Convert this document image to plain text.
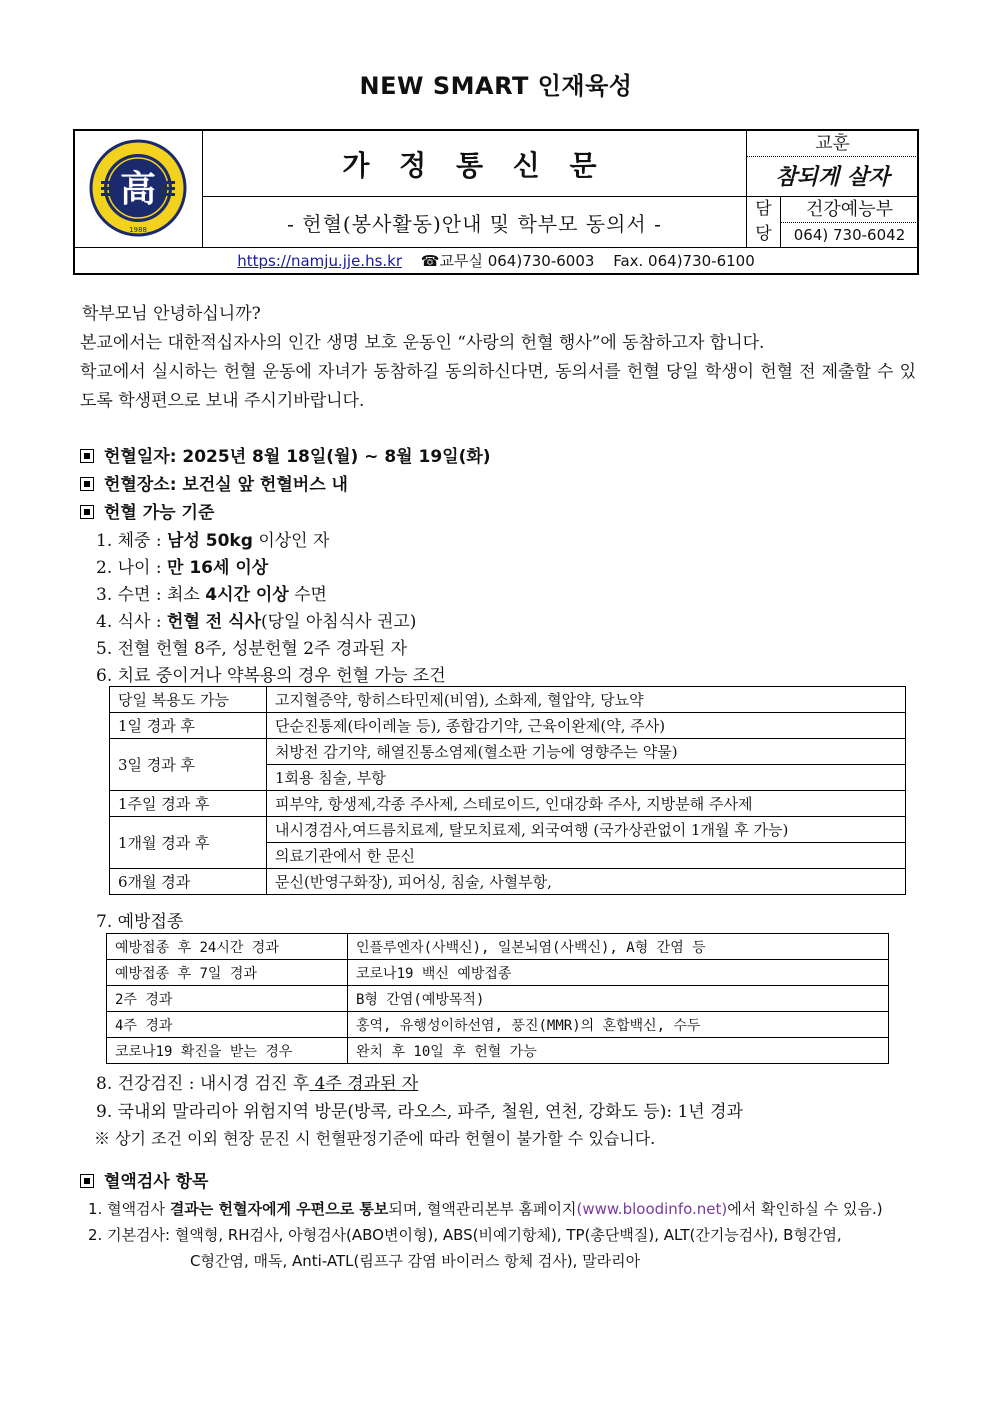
NEW SMART 인재육성
高
1988
가 정 통 신 문
- 헌혈(봉사활동)안내 및 학부모 동의서 -
교훈
참되게 살자
담
당
건강예능부
064) 730-6042
https://namju.jje.hs.kr ☎교무실 064)730-6003 Fax. 064)730-6100

학부모님 안녕하십니까?

본교에서는 대한적십자사의 인간 생명 보호 운동인 “사랑의 헌혈 행사”에 동참하고자 합니다.

학교에서 실시하는 헌혈 운동에 자녀가 동참하길 동의하신다면, 동의서를 헌혈 당일 학생이 헌혈 전 제출할 수 있도록 학생편으로 보내 주시기바랍니다.

헌혈일자: 2025년 8월 18일(월) ~ 8월 19일(화)
헌혈장소: 보건실 앞 헌혈버스 내
헌혈 가능 기준
1. 체중 : 남성 50kg 이상인 자
2. 나이 : 만 16세 이상
3. 수면 : 최소 4시간 이상 수면
4. 식사 : 헌혈 전 식사(당일 아침식사 권고)
5. 전혈 헌혈 8주, 성분헌혈 2주 경과된 자
6. 치료 중이거나 약복용의 경우 헌혈 가능 조건
당일 복용도 가능	고지혈증약, 항히스타민제(비염), 소화제, 혈압약, 당뇨약
1일 경과 후	단순진통제(타이레놀 등), 종합감기약, 근육이완제(약, 주사)
3일 경과 후	처방전 감기약, 해열진통소염제(혈소판 기능에 영향주는 약물)
	1회용 침술, 부항
1주일 경과 후	피부약, 항생제,각종 주사제, 스테로이드, 인대강화 주사, 지방분해 주사제
1개월 경과 후	내시경검사,여드름치료제, 탈모치료제, 외국여행 (국가상관없이 1개월 후 가능)
	의료기관에서 한 문신
6개월 경과	문신(반영구화장), 피어싱, 침술, 사혈부항,
7. 예방접종
예방접종 후 24시간 경과	인플루엔자(사백신), 일본뇌염(사백신), A형 간염 등
예방접종 후 7일 경과	코로나19 백신 예방접종
2주 경과	B형 간염(예방목적)
4주 경과	홍역, 유행성이하선염, 풍진(MMR)의 혼합백신, 수두
코로나19 확진을 받는 경우	완치 후 10일 후 헌혈 가능
8. 건강검진 : 내시경 검진 후 4주 경과된 자
9. 국내외 말라리아 위험지역 방문(방콕, 라오스, 파주, 철원, 연천, 강화도 등): 1년 경과
※ 상기 조건 이외 현장 문진 시 헌혈판정기준에 따라 헌혈이 불가할 수 있습니다.
혈액검사 항목
1. 혈액검사 결과는 헌혈자에게 우편으로 통보되며, 혈액관리본부 홈페이지(www.bloodinfo.net)에서 확인하실 수 있음.)
2. 기본검사: 혈액형, RH검사, 아형검사(ABO변이형), ABS(비예기항체), TP(총단백질), ALT(간기능검사), B형간염,
C형간염, 매독, Anti-ATL(림프구 감염 바이러스 항체 검사), 말라리아
